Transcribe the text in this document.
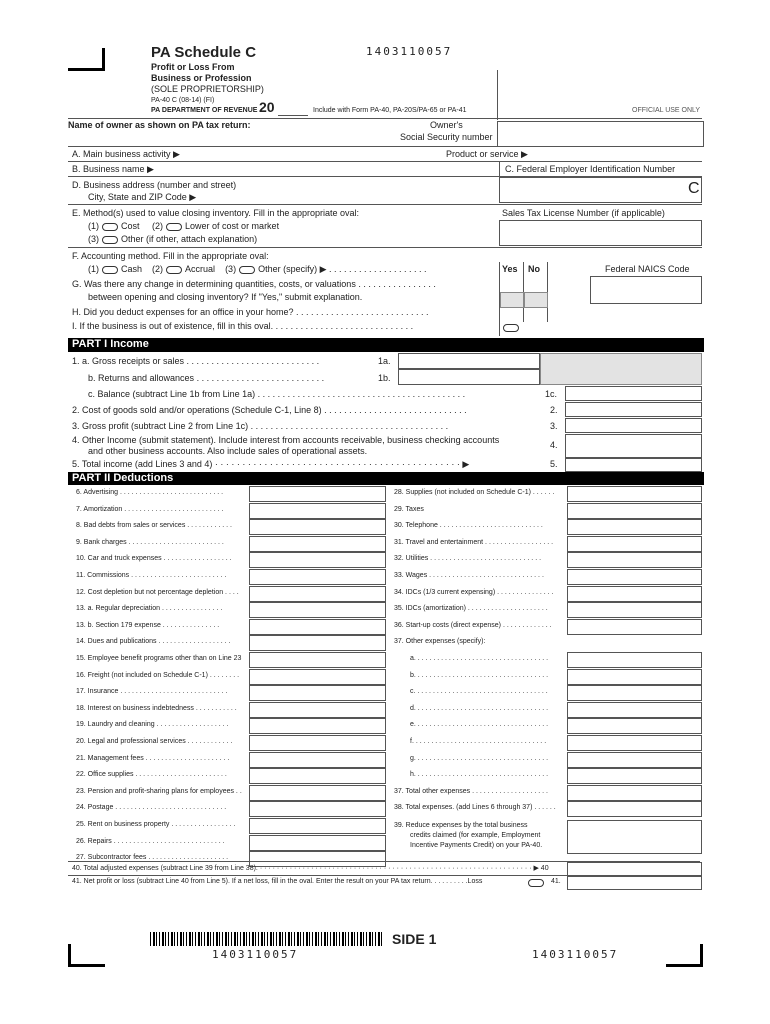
PA Schedule C	1403110057
Profit or Loss From
Business or Profession
(SOLE PROPRIETORSHIP)
PA-40 C (08-14) (FI)
PA DEPARTMENT OF REVENUE 20	Include with Form PA-40, PA-20S/PA-65 or PA-41	OFFICIAL USE ONLY
Name of owner as shown on PA tax return:	Owner's
Social Security number
A. Main business activity ▶	Product or service ▶
B. Business name ▶	C. Federal Employer Identification Number
D. Business address (number and street)
City, State and ZIP Code ▶	C
E. Method(s) used to value closing inventory. Fill in the appropriate oval:
(1) Cost (2) Lower of cost or market
(3) Other (if other, attach explanation)
Sales Tax License Number (if applicable)
F. Accounting method. Fill in the appropriate oval:
(1) Cash (2) Accrual (3) Other (specify) ▶ . . . . . . . . . . . . . . . . . . . .	Yes No	Federal NAICS Code
G. Was there any change in determining quantities, costs, or valuations . . . . . . . . . . . . . . . .
between opening and closing inventory? If "Yes," submit explanation.
H. Did you deduct expenses for an office in your home? . . . . . . . . . . . . . . . . . . . . . . . . . . .
I. If the business is out of existence, fill in this oval. . . . . . . . . . . . . . . . . . . . . . . . . . . . .
PART I Income
1. a. Gross receipts or sales . . . . . . . . . . . . . . . . . . . . . . . . . . .	1a.
b. Returns and allowances . . . . . . . . . . . . . . . . . . . . . . . . . .	1b.
c. Balance (subtract Line 1b from Line 1a) . . . . . . . . . . . . . . . . . . . . . . . . . . . . . . . . . . . . . . . . . .	1c.
2. Cost of goods sold and/or operations (Schedule C-1, Line 8) . . . . . . . . . . . . . . . . . . . . . . . . . . . . .	2.
3. Gross profit (subtract Line 2 from Line 1c) . . . . . . . . . . . . . . . . . . . . . . . . . . . . . . . . . . . . . . . .	3.
4. Other Income (submit statement). Include interest from accounts receivable, business checking accounts
and other business accounts. Also include sales of operational assets.
4.
5. Total income (add Lines 3 and 4) · · · · · · · · · · · · · · · · · · · · · · · · · · · · · · · · · · · · · · · · · · · · · ▶	5.
PART II Deductions
6. Advertising . . . . . . . . . . . . . . . . . . . . . . . . . . .
7. Amortization . . . . . . . . . . . . . . . . . . . . . . . . . .
8. Bad debts from sales or services . . . . . . . . . . . .
9. Bank charges . . . . . . . . . . . . . . . . . . . . . . . . .
10. Car and truck expenses . . . . . . . . . . . . . . . . . .
11. Commissions . . . . . . . . . . . . . . . . . . . . . . . . .
12. Cost depletion but not percentage depletion . . . .
13. a. Regular depreciation . . . . . . . . . . . . . . . .
13. b. Section 179 expense . . . . . . . . . . . . . . .
14. Dues and publications . . . . . . . . . . . . . . . . . . .
15. Employee benefit programs other than on Line 23
16. Freight (not included on Schedule C-1) . . . . . . . .
17. Insurance . . . . . . . . . . . . . . . . . . . . . . . . . . . .
18. Interest on business indebtedness . . . . . . . . . . .
19. Laundry and cleaning . . . . . . . . . . . . . . . . . . .
20. Legal and professional services . . . . . . . . . . . .
21. Management fees . . . . . . . . . . . . . . . . . . . . . .
22. Office supplies . . . . . . . . . . . . . . . . . . . . . . . .
23. Pension and profit-sharing plans for employees . .
24. Postage . . . . . . . . . . . . . . . . . . . . . . . . . . . . .
25. Rent on business property . . . . . . . . . . . . . . . . .
26. Repairs . . . . . . . . . . . . . . . . . . . . . . . . . . . . .
27. Subcontractor fees . . . . . . . . . . . . . . . . . . . . .
28. Supplies (not included on Schedule C-1) . . . . . .
29. Taxes
30. Telephone . . . . . . . . . . . . . . . . . . . . . . . . . . .
31. Travel and entertainment . . . . . . . . . . . . . . . . . .
32. Utilities . . . . . . . . . . . . . . . . . . . . . . . . . . . . .
33. Wages . . . . . . . . . . . . . . . . . . . . . . . . . . . . . .
34. IDCs (1/3 current expensing) . . . . . . . . . . . . . . .
35. IDCs (amortization) . . . . . . . . . . . . . . . . . . . . .
36. Start-up costs (direct expense) . . . . . . . . . . . . .
37. Other expenses (specify):
a. . . . . . . . . . . . . . . . . . . . . . . . . . . . . . . . . . .
b. . . . . . . . . . . . . . . . . . . . . . . . . . . . . . . . . . .
c. . . . . . . . . . . . . . . . . . . . . . . . . . . . . . . . . . .
d. . . . . . . . . . . . . . . . . . . . . . . . . . . . . . . . . . .
e. . . . . . . . . . . . . . . . . . . . . . . . . . . . . . . . . . .
f. . . . . . . . . . . . . . . . . . . . . . . . . . . . . . . . . . .
g. . . . . . . . . . . . . . . . . . . . . . . . . . . . . . . . . . .
h. . . . . . . . . . . . . . . . . . . . . . . . . . . . . . . . . . .
37. Total other expenses . . . . . . . . . . . . . . . . . . . .
38. Total expenses. (add Lines 6 through 37) . . . . . .
39. Reduce expenses by the total business
credits claimed (for example, Employment
Incentive Payments Credit) on your PA-40.
40. Total adjusted expenses (subtract Line 39 from Line 38). · · · · · · · · · · · · · · · · · · · · · · · · · · · · · · · · · · · · · · · · · · · · · · · · · · · · · · · · · · · · · · · · ▶ 40
41. Net profit or loss (subtract Line 40 from Line 5). If a net loss, fill in the oval. Enter the result on your PA tax return. . . . . . . . . .Loss	41.
1403110057
SIDE 1
1403110057
